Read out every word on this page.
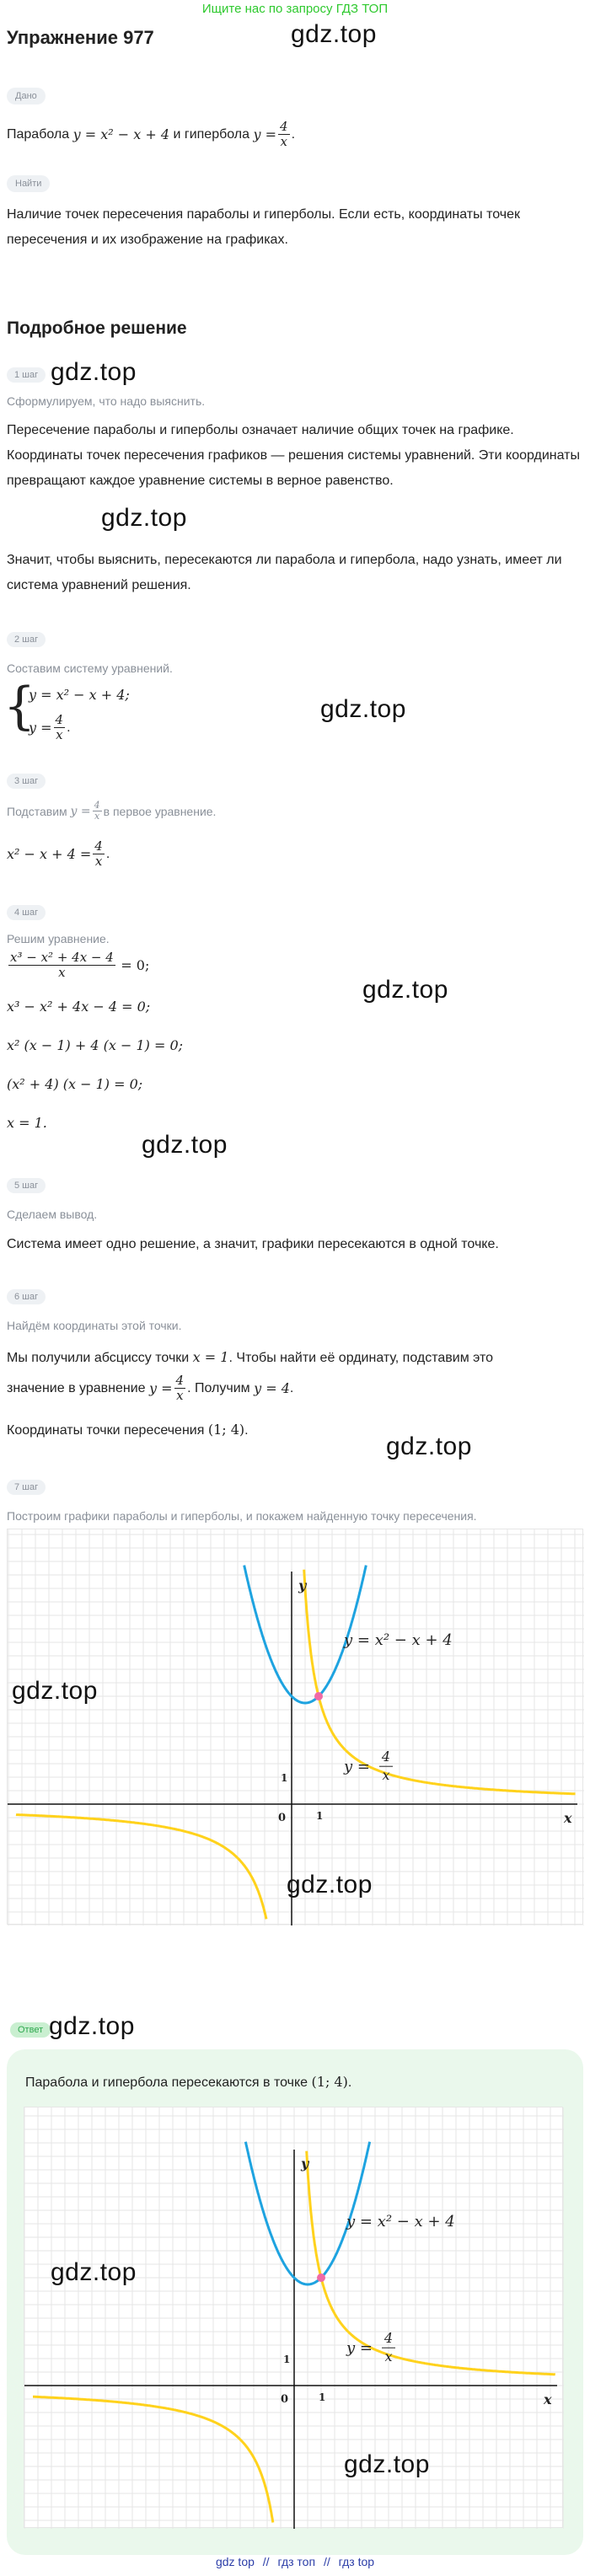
Ищите нас по запросу ГДЗ ТОП
Упражнение 977	gdz.top
Дано
Парабола
y = x² − x + 4
и гипербола
$y = \frac{4}{x}$ .
Найти
Наличие точек пересечения параболы и гиперболы. Если есть, координаты точек пересечения и их изображение на графиках.
Подробное решение
1 шаг gdz.top
Сформулируем, что надо выяснить.
Пересечение параболы и гиперболы означает наличие общих точек на графике. Координаты точек пересечения графиков — решения системы уравнений. Эти координаты превращают каждое уравнение системы в верное равенство.
gdz.top
Значит, чтобы выяснить, пересекаются ли парабола и гипербола, надо узнать, имеет ли система уравнений решения.
2 шаг
Составим систему уравнений.
{
y = x² − x + 4;
$y = \frac{4}{x}$ .
gdz.top
3 шаг
Подставим
$y = \frac{4}{x}$ в первое уравнение.
$x^2 - x + 4 = \frac{4}{x}$ .
4 шаг
Решим уравнение.
$\frac{\text{x³ − x² + 4x − 4}}{x}$
= 0;
x³ − x² + 4x − 4 = 0;
x² (x − 1) + 4 (x − 1) = 0;
(x² + 4) (x − 1) = 0;
x = 1.
gdz.top
gdz.top
5 шаг
Сделаем вывод.
Система имеет одно решение, а значит, графики пересекаются в одной точке.
6 шаг
Найдём координаты этой точки.
Мы получили абсциссу точки x = 1. Чтобы найти её ординату, подставим это
значение в уравнение
$y = \frac{4}{x}$ . Получим
y = 4 .
Координаты точки пересечения (1; 4).
gdz.top
7 шаг
Построим графики параболы и гиперболы, и покажем найденную точку пересечения.
y
x
0	1
1
y = x² − x + 4
y =
4
x
gdz.top
gdz.top
Ответ gdz.top
Парабола и гипербола пересекаются в точке (1; 4).
y
x
0	1
1
y = x² − x + 4
y =
4
x
gdz.top
gdz.top
gdz top // гдз топ // гдз top
